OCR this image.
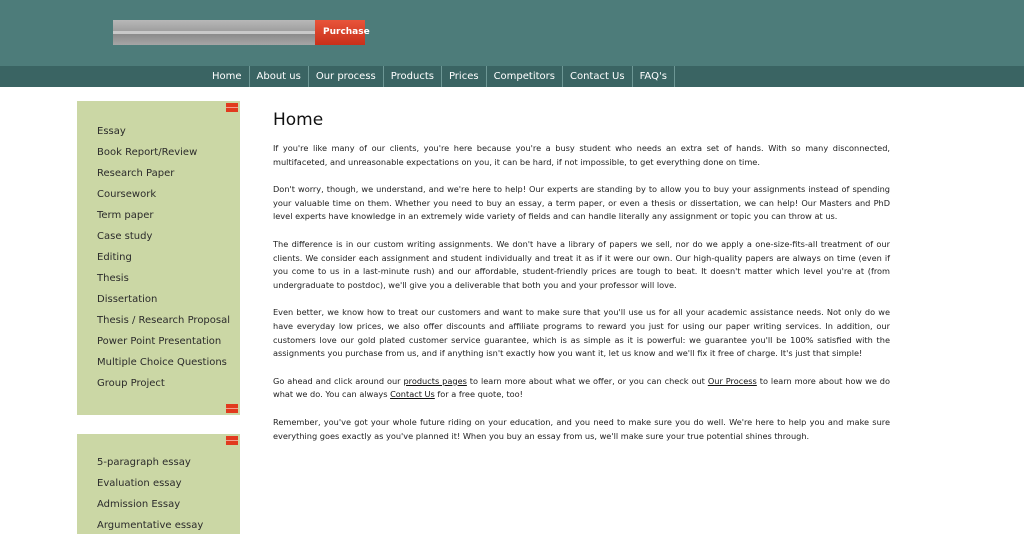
Purchase
Home	About us	Our process	Products	Prices	Competitors	Contact Us	FAQ's
Essay
Book Report/Review
Research Paper
Coursework
Term paper
Case study
Editing
Thesis
Dissertation
Thesis / Research Proposal
Power Point Presentation
Multiple Choice Questions
Group Project
5-paragraph essay
Evaluation essay
Admission Essay
Argumentative essay
Home

If you're like many of our clients, you're here because you're a busy student who needs an extra set of hands. With so many disconnected, multifaceted, and unreasonable expectations on you, it can be hard, if not impossible, to get everything done on time.

Don't worry, though, we understand, and we're here to help! Our experts are standing by to allow you to buy your assignments instead of spending your valuable time on them. Whether you need to buy an essay, a term paper, or even a thesis or dissertation, we can help! Our Masters and PhD level experts have knowledge in an extremely wide variety of fields and can handle literally any assignment or topic you can throw at us.

The difference is in our custom writing assignments. We don't have a library of papers we sell, nor do we apply a one-size-fits-all treatment of our clients. We consider each assignment and student individually and treat it as if it were our own. Our high-quality papers are always on time (even if you come to us in a last-minute rush) and our affordable, student-friendly prices are tough to beat. It doesn't matter which level you're at (from undergraduate to postdoc), we'll give you a deliverable that both you and your professor will love.

Even better, we know how to treat our customers and want to make sure that you'll use us for all your academic assistance needs. Not only do we have everyday low prices, we also offer discounts and affiliate programs to reward you just for using our paper writing services. In addition, our customers love our gold plated customer service guarantee, which is as simple as it is powerful: we guarantee you'll be 100% satisfied with the assignments you purchase from us, and if anything isn't exactly how you want it, let us know and we'll fix it free of charge. It's just that simple!

Go ahead and click around our products pages to learn more about what we offer, or you can check out Our Process to learn more about how we do what we do. You can always Contact Us for a free quote, too!

Remember, you've got your whole future riding on your education, and you need to make sure you do well. We're here to help you and make sure everything goes exactly as you've planned it! When you buy an essay from us, we'll make sure your true potential shines through.
